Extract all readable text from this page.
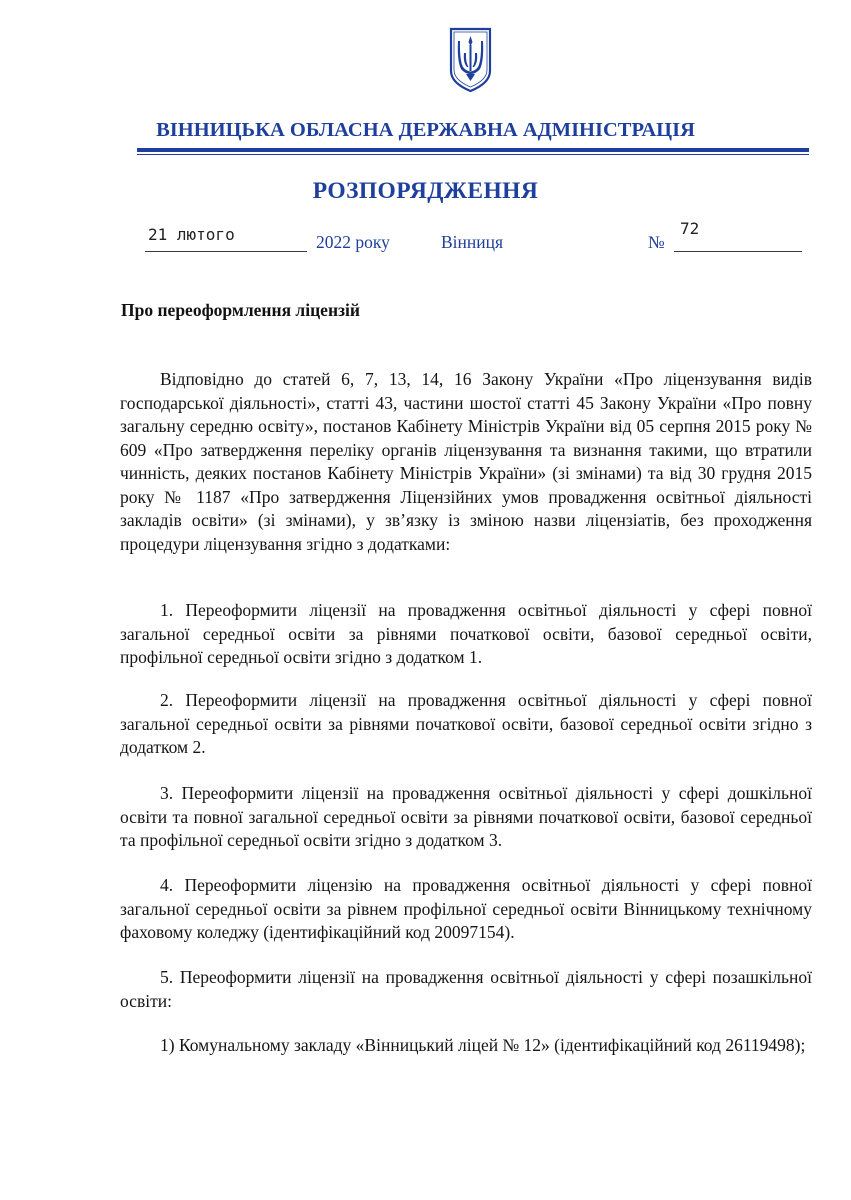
ВІННИЦЬКА ОБЛАСНА ДЕРЖАВНА АДМІНІСТРАЦІЯ
РОЗПОРЯДЖЕННЯ
21 лютого	2022 року	Вінниця	№
72
Про переоформлення ліцензій

Відповідно до статей 6, 7, 13, 14, 16 Закону України «Про ліцензування видів господарської діяльності», статті 43, частини шостої статті 45 Закону України «Про повну загальну середню освіту», постанов Кабінету Міністрів України від 05 серпня 2015 року № 609 «Про затвердження переліку органів ліцензування та визнання такими, що втратили чинність, деяких постанов Кабінету Міністрів України» (зі змінами) та від 30 грудня 2015 року № 1187 «Про затвердження Ліцензійних умов провадження освітньої діяльності закладів освіти» (зі змінами), у зв’язку із зміною назви ліцензіатів, без проходження процедури ліцензування згідно з додатками:

1. Переоформити ліцензії на провадження освітньої діяльності у сфері повної загальної середньої освіти за рівнями початкової освіти, базової середньої освіти, профільної середньої освіти згідно з додатком 1.

2. Переоформити ліцензії на провадження освітньої діяльності у сфері повної загальної середньої освіти за рівнями початкової освіти, базової середньої освіти згідно з додатком 2.

3. Переоформити ліцензії на провадження освітньої діяльності у сфері дошкільної освіти та повної загальної середньої освіти за рівнями початкової освіти, базової середньої та профільної середньої освіти згідно з додатком 3.

4. Переоформити ліцензію на провадження освітньої діяльності у сфері повної загальної середньої освіти за рівнем профільної середньої освіти Вінницькому технічному фаховому коледжу (ідентифікаційний код 20097154).

5. Переоформити ліцензії на провадження освітньої діяльності у сфері позашкільної освіти:

1) Комунальному закладу «Вінницький ліцей № 12» (ідентифікаційний код 26119498);
